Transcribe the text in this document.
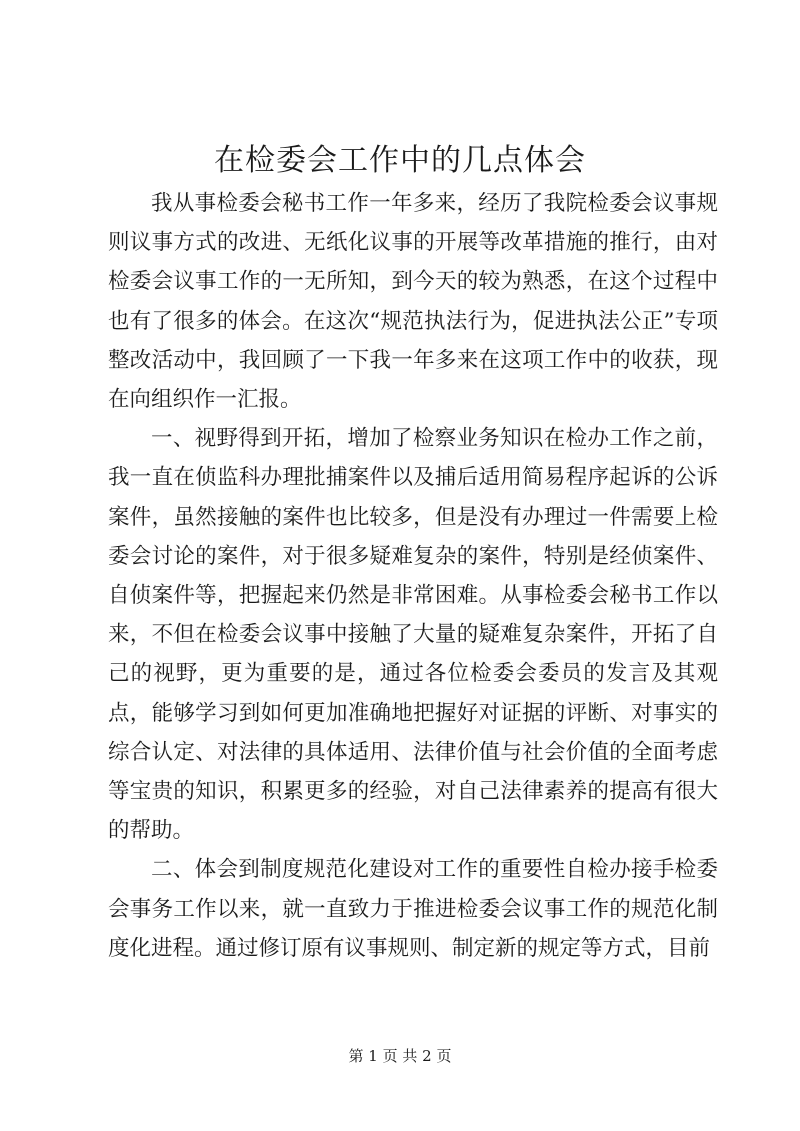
在检委会工作中的几点体会

我从事检委会秘书工作一年多来，经历了我院检委会议事规则议事方式的改进、无纸化议事的开展等改革措施的推行，由对检委会议事工作的一无所知，到今天的较为熟悉，在这个过程中也有了很多的体会。在这次“规范执法行为，促进执法公正”专项整改活动中，我回顾了一下我一年多来在这项工作中的收获，现在向组织作一汇报。

一、视野得到开拓，增加了检察业务知识在检办工作之前，我一直在侦监科办理批捕案件以及捕后适用简易程序起诉的公诉案件，虽然接触的案件也比较多，但是没有办理过一件需要上检委会讨论的案件，对于很多疑难复杂的案件，特别是经侦案件、自侦案件等，把握起来仍然是非常困难。从事检委会秘书工作以来，不但在检委会议事中接触了大量的疑难复杂案件，开拓了自己的视野，更为重要的是，通过各位检委会委员的发言及其观点，能够学习到如何更加准确地把握好对证据的评断、对事实的综合认定、对法律的具体适用、法律价值与社会价值的全面考虑等宝贵的知识，积累更多的经验，对自己法律素养的提高有很大的帮助。

二、体会到制度规范化建设对工作的重要性自检办接手检委会事务工作以来，就一直致力于推进检委会议事工作的规范化制度化进程。通过修订原有议事规则、制定新的规定等方式，目前

第 1 页 共 2 页
